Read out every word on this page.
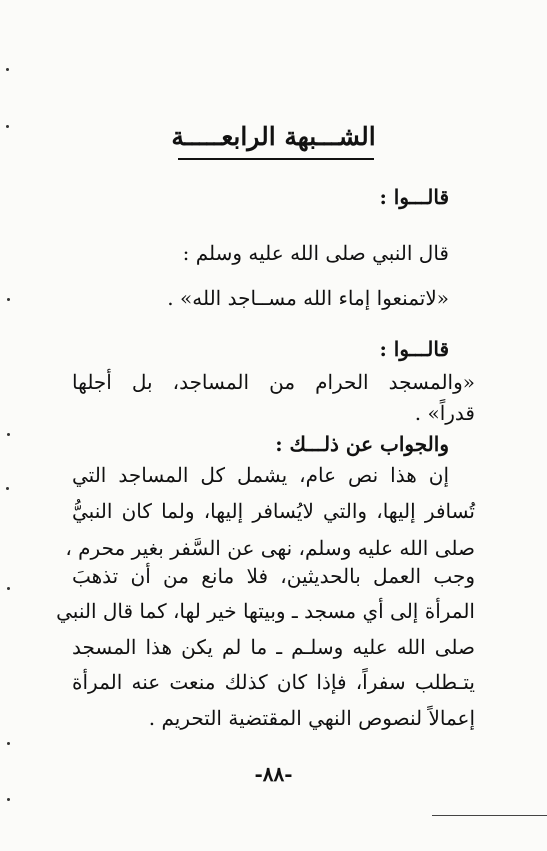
الشـــبهة الرابعـــــة
قالـــوا :
قال النبي صلى الله عليه وسلم :
«لاتمنعوا إماء الله مســاجد الله» .
قالـــوا :
«والمسجد الحرام من المساجد، بل أجلها
قدراً» .
والجواب عن ذلـــك :
إن هذا نص عام، يشمل كل المساجد التي
تُسافر إليها، والتي لايُسافر إليها، ولما كان النبيُّ
صلى الله عليه وسلم، نهى عن السَّفر بغير محرم ،
وجب العمل بالحديثين، فلا مانع من أن تذهبَ
المرأة إلى أي مسجد ـ وبيتها خير لها، كما قال النبي
صلى الله عليه وسلـم ـ ما لم يكن هذا المسجد
يتـطلب سفراً، فإذا كان كذلك منعت عنه المرأة
إعمالاً لنصوص النهي المقتضية التحريم .
-٨٨-
